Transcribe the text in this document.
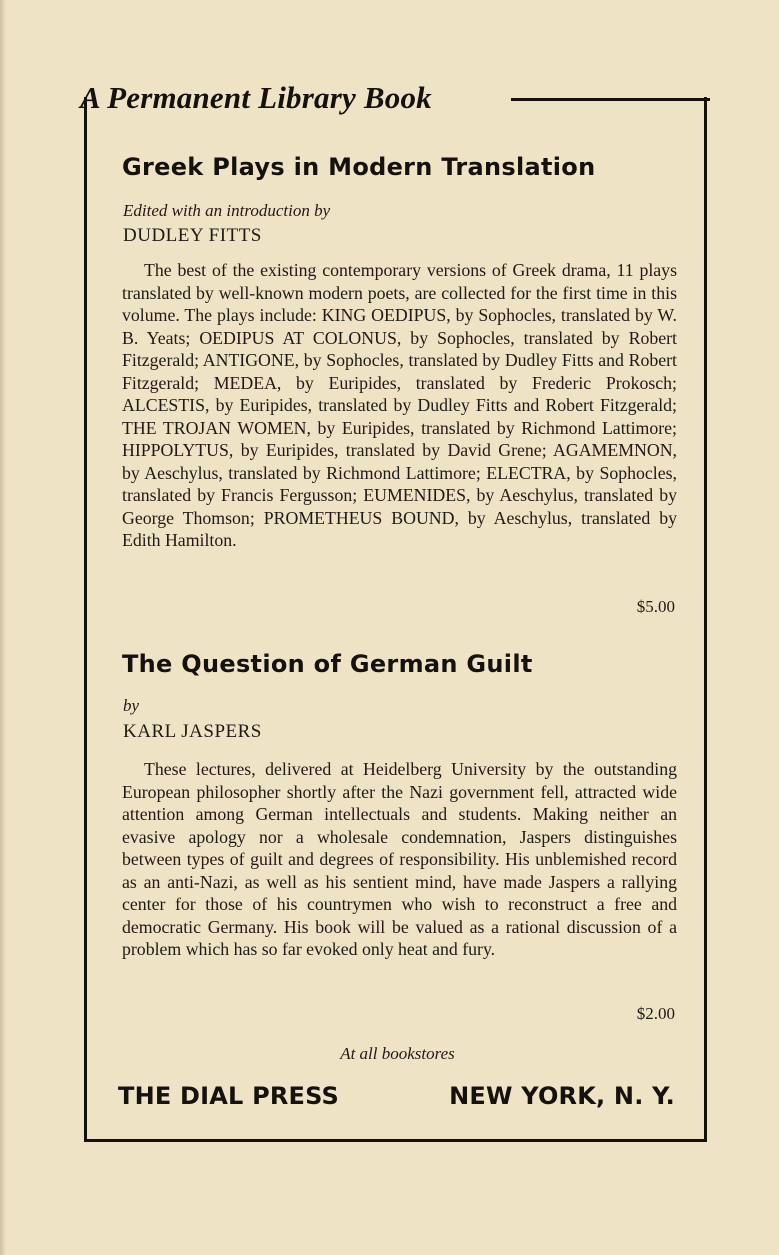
A Permanent Library Book
Greek Plays in Modern Translation
Edited with an introduction by
DUDLEY FITTS
The best of the existing contemporary versions of Greek drama, 11 plays translated by well-known modern poets, are collected for the first time in this volume. The plays include: KING OEDIPUS, by Sophocles, translated by W. B. Yeats; OEDIPUS AT COLONUS, by Sophocles, translated by Robert Fitzgerald; ANTIGONE, by Sophocles, translated by Dudley Fitts and Robert Fitzgerald; MEDEA, by Euripides, translated by Frederic Prokosch; ALCESTIS, by Euripides, translated by Dudley Fitts and Robert Fitzgerald; THE TROJAN WOMEN, by Euripides, translated by Richmond Lattimore; HIPPOLYTUS, by Euripides, translated by David Grene; AGAMEMNON, by Aeschylus, translated by Richmond Lattimore; ELECTRA, by Sophocles, translated by Francis Fergusson; EUMENIDES, by Aeschylus, translated by George Thomson; PROMETHEUS BOUND, by Aeschylus, translated by Edith Hamilton.
$5.00
The Question of German Guilt
by
KARL JASPERS
These lectures, delivered at Heidelberg University by the outstanding European philosopher shortly after the Nazi government fell, attracted wide attention among German intellectuals and students. Making neither an evasive apology nor a wholesale condemnation, Jaspers distinguishes between types of guilt and degrees of responsibility. His unblemished record as an anti-Nazi, as well as his sentient mind, have made Jaspers a rallying center for those of his countrymen who wish to reconstruct a free and democratic Germany. His book will be valued as a rational discussion of a problem which has so far evoked only heat and fury.
$2.00
At all bookstores
THE DIAL PRESS	NEW YORK, N. Y.
